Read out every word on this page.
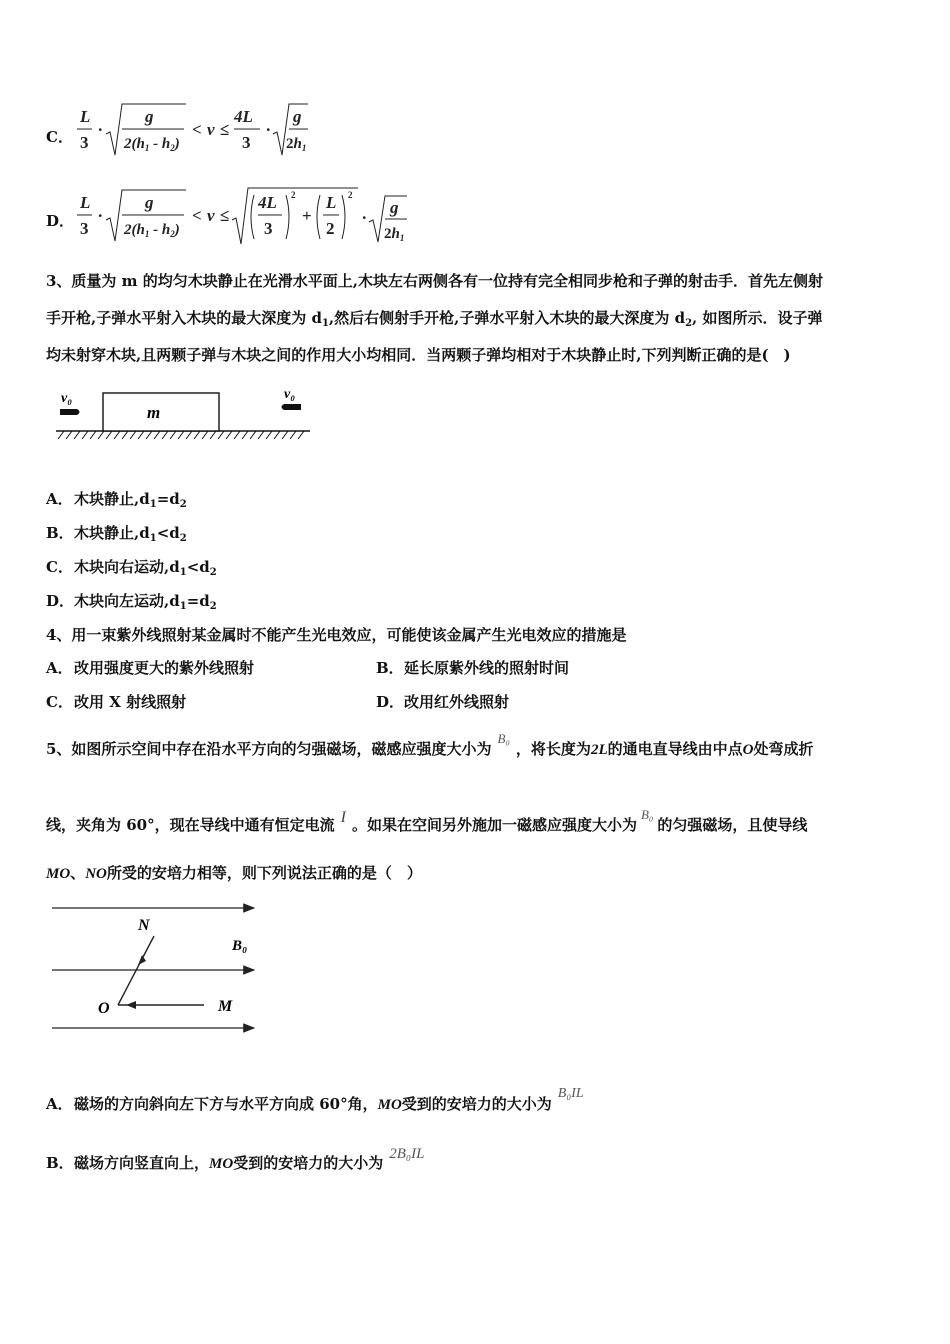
C．
L
3
·
g
$2(h_1 - h_2)$
< v ≤
4L
3
·
g
$2h_1$
D．
L
3
·
g
$2(h_1 - h_2)$
< v ≤
4L
3
2
+
L
2
2
·
g
$2h_1$
3、质量为 m 的均匀木块静止在光滑水平面上,木块左右两侧各有一位持有完全相同步枪和子弹的射击手．首先左侧射
手开枪,子弹水平射入木块的最大深度为 $d_1$,然后右侧射手开枪,子弹水平射入木块的最大深度为 $d_2$, 如图所示．设子弹
均未射穿木块,且两颗子弹与木块之间的作用大小均相同．当两颗子弹均相对于木块静止时,下列判断正确的是(　)
m
v₀	v₀
A．木块静止$,d_1=d_2$
B．木块静止$,d_1<d_2$
C．木块向右运动$,d_1<d_2$
D．木块向左运动$,d_1=d_2$
4、用一束紫外线照射某金属时不能产生光电效应，可能使该金属产生光电效应的措施是
A．改用强度更大的紫外线照射	B．延长原紫外线的照射时间
C．改用 X 射线照射	D．改用红外线照射
5、如图所示空间中存在沿水平方向的匀强磁场，磁感应强度大小为B₀，将长度为2L的通电直导线由中点O处弯成折
线，夹角为 60°，现在导线中通有恒定电流 I 。如果在空间另外施加一磁感应强度大小为B₀的匀强磁场，且使导线
MO、NO所受的安培力相等，则下列说法正确的是（　）
N
B₀
O	M
A．磁场的方向斜向左下方与水平方向成 60°角，MO受到的安培力的大小为B₀IL
B．磁场方向竖直向上，MO受到的安培力的大小为 2B₀IL
